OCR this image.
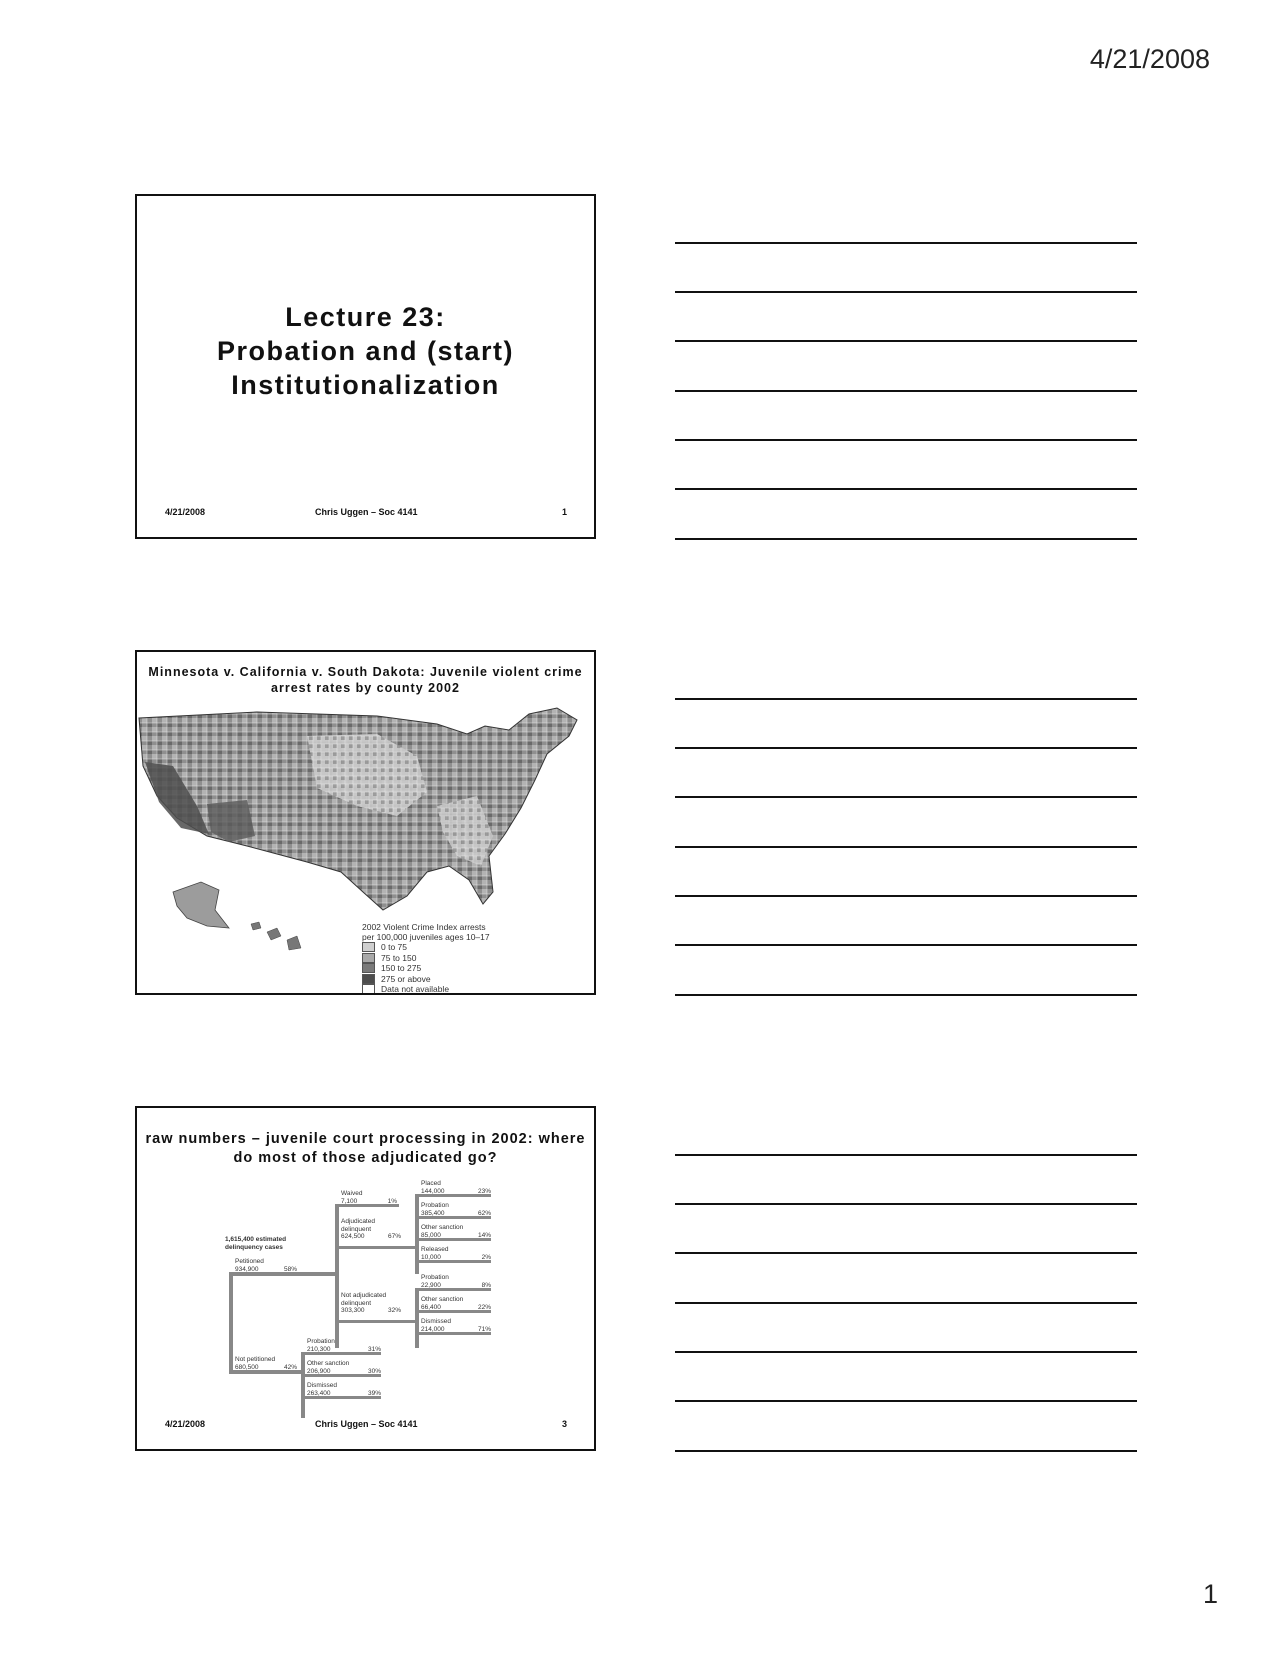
4/21/2008
Lecture 23:
Probation and (start)
Institutionalization
4/21/2008	Chris Uggen – Soc 4141	1
Minnesota v. California v. South Dakota: Juvenile violent crime arrest rates by county 2002
2002 Violent Crime Index arrests
per 100,000 juveniles ages 10–17
0 to 75
75 to 150
150 to 275
275 or above
Data not available
raw numbers – juvenile court processing in 2002: where do most of those adjudicated go?
1,615,400 estimated
delinquency cases
Petitioned
934,900	58%
Not petitioned
680,500	42%
Waived
7,100	1%
Adjudicated
delinquent
624,500	67%
Not adjudicated
delinquent
303,300	32%
Placed
144,000	23%
Probation
385,400	62%
Other sanction
85,000	14%
Released
10,000	2%
Probation
22,900	8%
Other sanction
66,400	22%
Dismissed
214,000	71%
Probation
210,300	31%
Other sanction
206,900	30%
Dismissed
263,400	39%
4/21/2008	Chris Uggen – Soc 4141	3
1
